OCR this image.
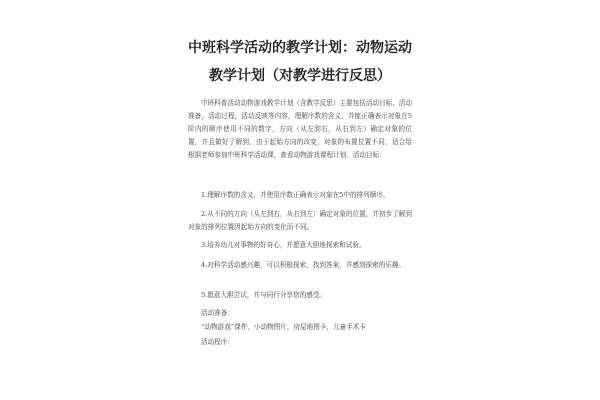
中班科学活动的教学计划：动物运动
教学计划（对教学进行反思）

中班科普活动动物游戏教学计划（含教学反思）主要包括活动目标，活动准备，活动过程，活动反映等内容，理解序数的含义，并能正确表示对象在5阶内的顺序使用不同的数字，方向（从左到右，从右到左）确定对象的位置，并且做好了解到，由于起始方向的改变，对象的布置位置不同，适合给根据老师参加中班科学活动课，查看动物游戏课程计划．活动目标：

1.理解序数的含义，并使用序数正确表示对象在5中的排列顺序。

2.从不同的方向（从左到右，从右到左）确定对象的位置，并初步了解到对象的排列位置因起始方向的变化而不同。

3.培养幼儿对事物的好奇心，并愿意大胆地探索和试验。

4.对科学活动感兴趣，可以积极探索，找到答案，并感到探索的乐趣。

5.愿意大胆尝试，并与同行分享您的感受。

活动准备：

“动物游戏”课件，小动物图片，房屋地图卡，儿童手术卡

活动程序：
